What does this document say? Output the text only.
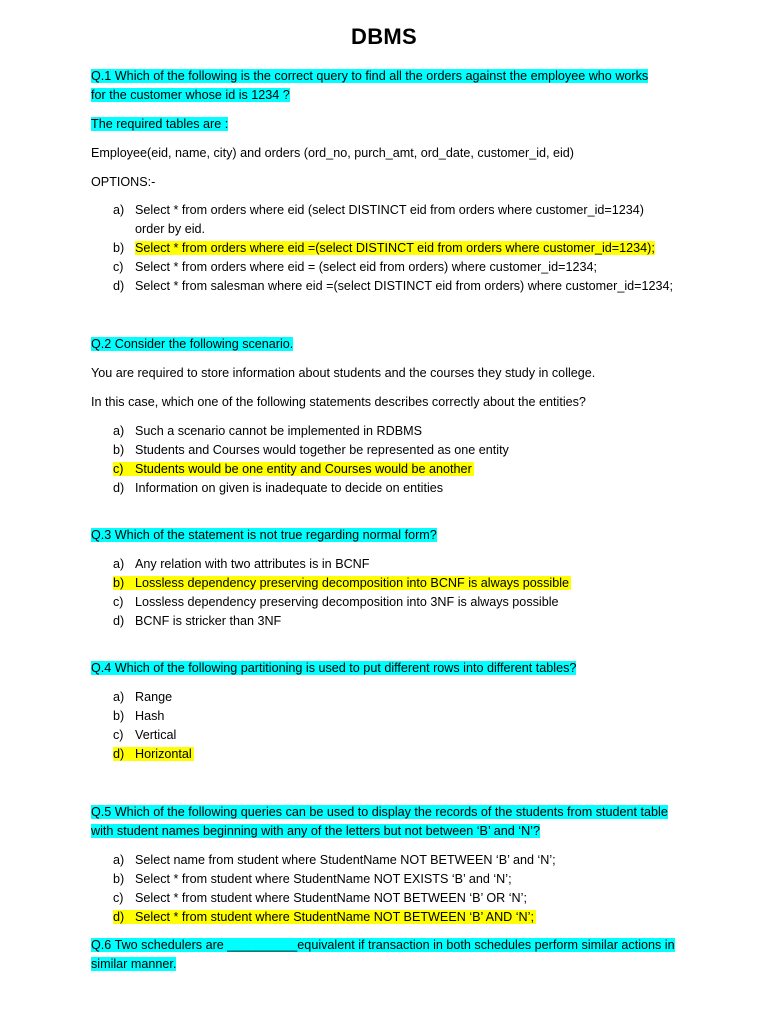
DBMS
Q.1 Which of the following is the correct query to find all the orders against the employee who works
for the customer whose id is 1234 ?
The required tables are :
Employee(eid, name, city) and orders (ord_no, purch_amt, ord_date, customer_id, eid)
OPTIONS:-
a) Select * from orders where eid (select DISTINCT eid from orders where customer_id=1234)
order by eid.
b) Select * from orders where eid =(select DISTINCT eid from orders where customer_id=1234);
c) Select * from orders where eid = (select eid from orders) where customer_id=1234;
d) Select * from salesman where eid =(select DISTINCT eid from orders) where customer_id=1234;
Q.2 Consider the following scenario.
You are required to store information about students and the courses they study in college.
In this case, which one of the following statements describes correctly about the entities?
a) Such a scenario cannot be implemented in RDBMS
b) Students and Courses would together be represented as one entity
c) Students would be one entity and Courses would be another
d) Information on given is inadequate to decide on entities
Q.3 Which of the statement is not true regarding normal form?
a) Any relation with two attributes is in BCNF
b) Lossless dependency preserving decomposition into BCNF is always possible
c) Lossless dependency preserving decomposition into 3NF is always possible
d) BCNF is stricker than 3NF
Q.4 Which of the following partitioning is used to put different rows into different tables?
a) Range
b) Hash
c) Vertical
d) Horizontal
Q.5 Which of the following queries can be used to display the records of the students from student table
with student names beginning with any of the letters but not between ‘B’ and ‘N’?
a) Select name from student where StudentName NOT BETWEEN ‘B’ and ‘N’;
b) Select * from student where StudentName NOT EXISTS ‘B’ and ‘N’;
c) Select * from student where StudentName NOT BETWEEN ‘B’ OR ‘N’;
d) Select * from student where StudentName NOT BETWEEN ‘B’ AND ‘N’;
Q.6 Two schedulers are __________equivalent if transaction in both schedules perform similar actions in
similar manner.
